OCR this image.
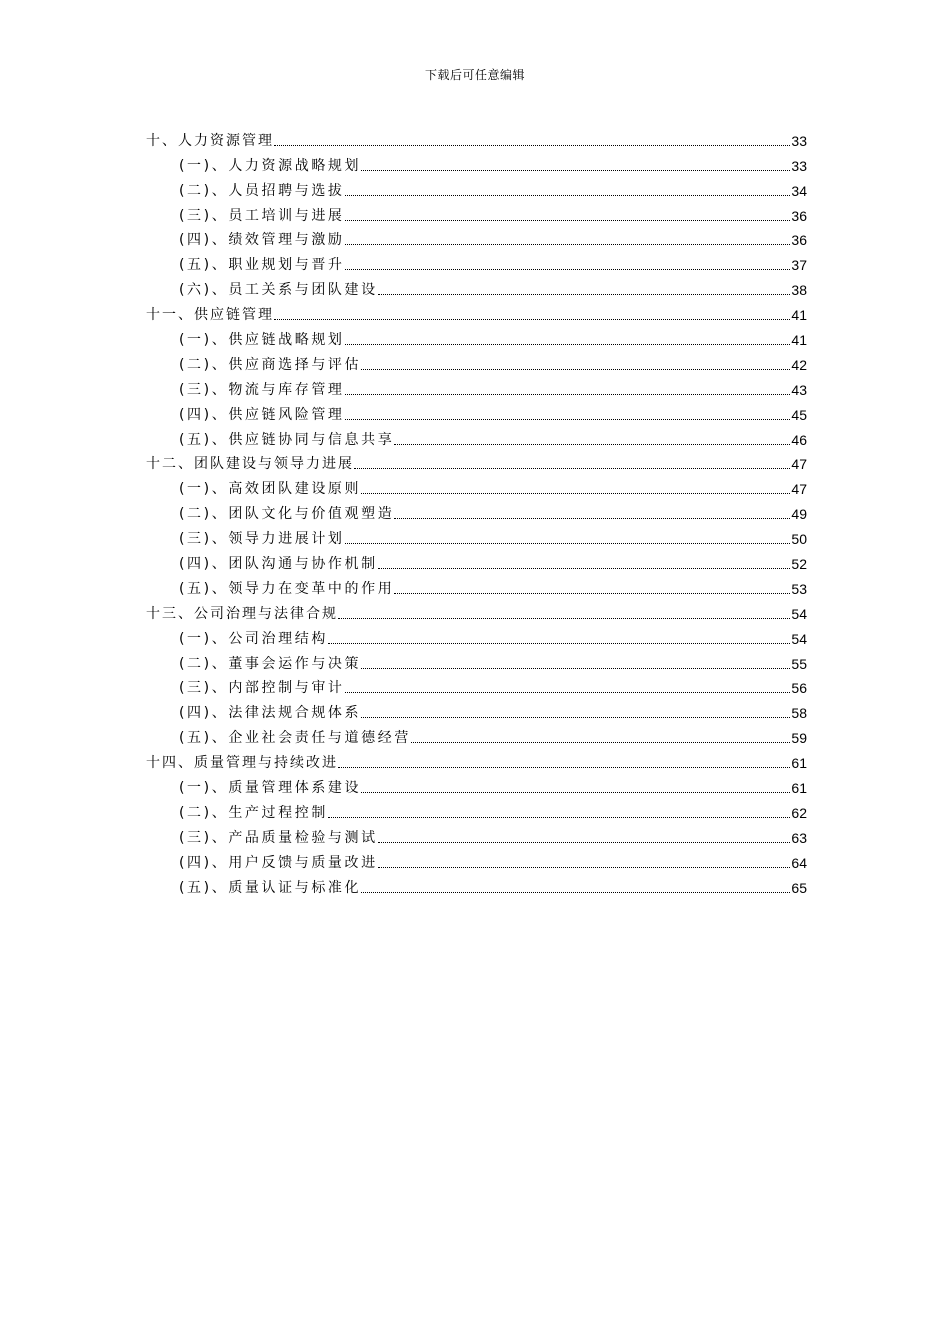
下载后可任意编辑
十、人力资源管理	33
(一)、人力资源战略规划	33
(二)、人员招聘与选拔	34
(三)、员工培训与进展	36
(四)、绩效管理与激励	36
(五)、职业规划与晋升	37
(六)、员工关系与团队建设	38
十一、供应链管理	41
(一)、供应链战略规划	41
(二)、供应商选择与评估	42
(三)、物流与库存管理	43
(四)、供应链风险管理	45
(五)、供应链协同与信息共享	46
十二、团队建设与领导力进展	47
(一)、高效团队建设原则	47
(二)、团队文化与价值观塑造	49
(三)、领导力进展计划	50
(四)、团队沟通与协作机制	52
(五)、领导力在变革中的作用	53
十三、公司治理与法律合规	54
(一)、公司治理结构	54
(二)、董事会运作与决策	55
(三)、内部控制与审计	56
(四)、法律法规合规体系	58
(五)、企业社会责任与道德经营	59
十四、质量管理与持续改进	61
(一)、质量管理体系建设	61
(二)、生产过程控制	62
(三)、产品质量检验与测试	63
(四)、用户反馈与质量改进	64
(五)、质量认证与标准化	65
